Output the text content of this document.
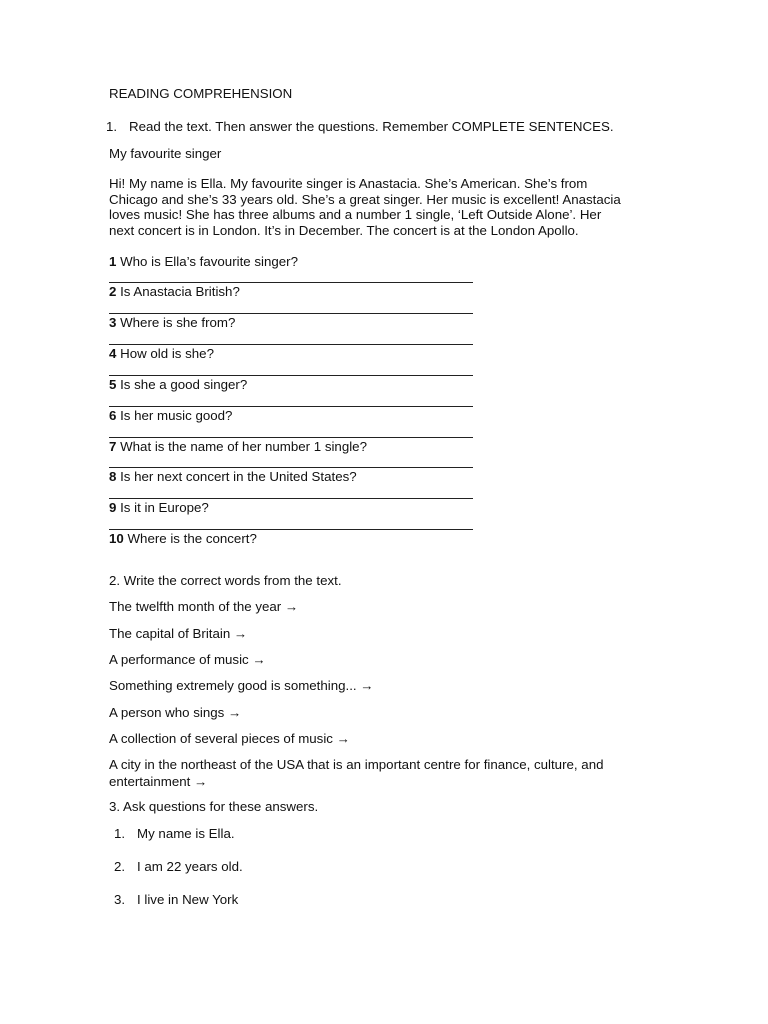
READING COMPREHENSION
1. Read the text. Then answer the questions. Remember COMPLETE SENTENCES.
My favourite singer
Hi! My name is Ella. My favourite singer is Anastacia. She’s American. She’s from
Chicago and she’s 33 years old. She’s a great singer. Her music is excellent! Anastacia
loves music! She has three albums and a number 1 single, ‘Left Outside Alone’. Her
next concert is in London. It’s in December. The concert is at the London Apollo.
1 Who is Ella’s favourite singer?
2 Is Anastacia British?
3 Where is she from?
4 How old is she?
5 Is she a good singer?
6 Is her music good?
7 What is the name of her number 1 single?
8 Is her next concert in the United States?
9 Is it in Europe?
10 Where is the concert?
2. Write the correct words from the text.
The twelfth month of the year →
The capital of Britain →
A performance of music →
Something extremely good is something... →
A person who sings →
A collection of several pieces of music →
A city in the northeast of the USA that is an important centre for finance, culture, and
entertainment →
3. Ask questions for these answers.
1. My name is Ella.
2. I am 22 years old.
3. I live in New York
